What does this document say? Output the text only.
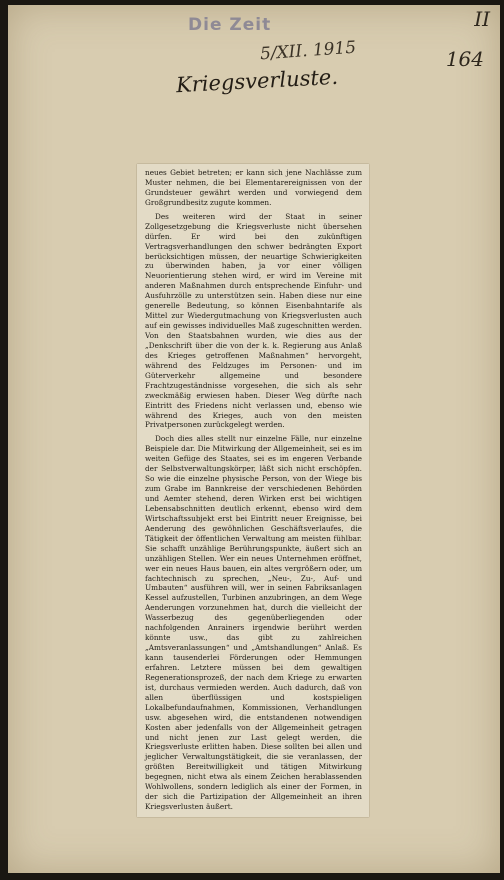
Die Zeit
5/XII. 1915
II
164
Kriegsverluste.

neues Gebiet betreten; er kann sich jene Nachlässe zum Muster nehmen, die bei Elementarereignissen von der Grundsteuer gewährt werden und vorwiegend dem Großgrundbesitz zugute kommen.

Des weiteren wird der Staat in seiner Zollgesetzgebung die Kriegsverluste nicht übersehen dürfen. Er wird bei den zukünftigen Vertragsverhandlungen den schwer bedrängten Export berücksichtigen müssen, der neuartige Schwierigkeiten zu überwinden haben, ja vor einer völligen Neuorientierung stehen wird, er wird im Vereine mit anderen Maßnahmen durch entsprechende Einfuhr- und Ausfuhrzölle zu unterstützen sein. Haben diese nur eine generelle Bedeutung, so können Eisenbahntarife als Mittel zur Wiedergutmachung von Kriegsverlusten auch auf ein gewisses individuelles Maß zugeschnitten werden. Von den Staatsbahnen wurden, wie dies aus der „Denkschrift über die von der k. k. Regierung aus Anlaß des Krieges getroffenen Maßnahmen“ hervorgeht, während des Feldzuges im Personen- und im Güterverkehr allgemeine und besondere Frachtzugeständnisse vorgesehen, die sich als sehr zweckmäßig erwiesen haben. Dieser Weg dürfte nach Eintritt des Friedens nicht verlassen und, ebenso wie während des Krieges, auch von den meisten Privatpersonen zurückgelegt werden.

Doch dies alles stellt nur einzelne Fälle, nur einzelne Beispiele dar. Die Mitwirkung der Allgemeinheit, sei es im weiten Gefüge des Staates, sei es im engeren Verbande der Selbstverwaltungskörper, läßt sich nicht erschöpfen. So wie die einzelne physische Person, von der Wiege bis zum Grabe im Bannkreise der verschiedenen Behörden und Aemter stehend, deren Wirken erst bei wichtigen Lebensabschnitten deutlich erkennt, ebenso wird dem Wirtschaftssubjekt erst bei Eintritt neuer Ereignisse, bei Aenderung des gewöhnlichen Geschäftsverlaufes, die Tätigkeit der öffentlichen Verwaltung am meisten fühlbar. Sie schafft unzählige Berührungspunkte, äußert sich an unzähligen Stellen. Wer ein neues Unternehmen eröffnet, wer ein neues Haus bauen, ein altes vergrößern oder, um fachtechnisch zu sprechen, „Neu-, Zu-, Auf- und Umbauten“ ausführen will, wer in seinen Fabriksanlagen Kessel aufzustellen, Turbinen anzubringen, an dem Wege Aenderungen vorzunehmen hat, durch die vielleicht der Wasserbezug des gegenüberliegenden oder nachfolgenden Anrainers irgendwie berührt werden könnte usw., das gibt zu zahlreichen „Amtsveranlassungen“ und „Amtshandlungen“ Anlaß. Es kann tausenderlei Förderungen oder Hemmungen erfahren. Letztere müssen bei dem gewaltigen Regenerationsprozeß, der nach dem Kriege zu erwarten ist, durchaus vermieden werden. Auch dadurch, daß von allen überflüssigen und kostspieligen Lokalbefundaufnahmen, Kommissionen, Verhandlungen usw. abgesehen wird, die entstandenen notwendigen Kosten aber jedenfalls von der Allgemeinheit getragen und nicht jenen zur Last gelegt werden, die Kriegsverluste erlitten haben. Diese sollten bei allen und jeglicher Verwaltungstätigkeit, die sie veranlassen, der größten Bereitwilligkeit und tätigen Mitwirkung begegnen, nicht etwa als einem Zeichen herablassenden Wohlwollens, sondern lediglich als einer der Formen, in der sich die Partizipation der Allgemeinheit an ihren Kriegsverlusten äußert.
